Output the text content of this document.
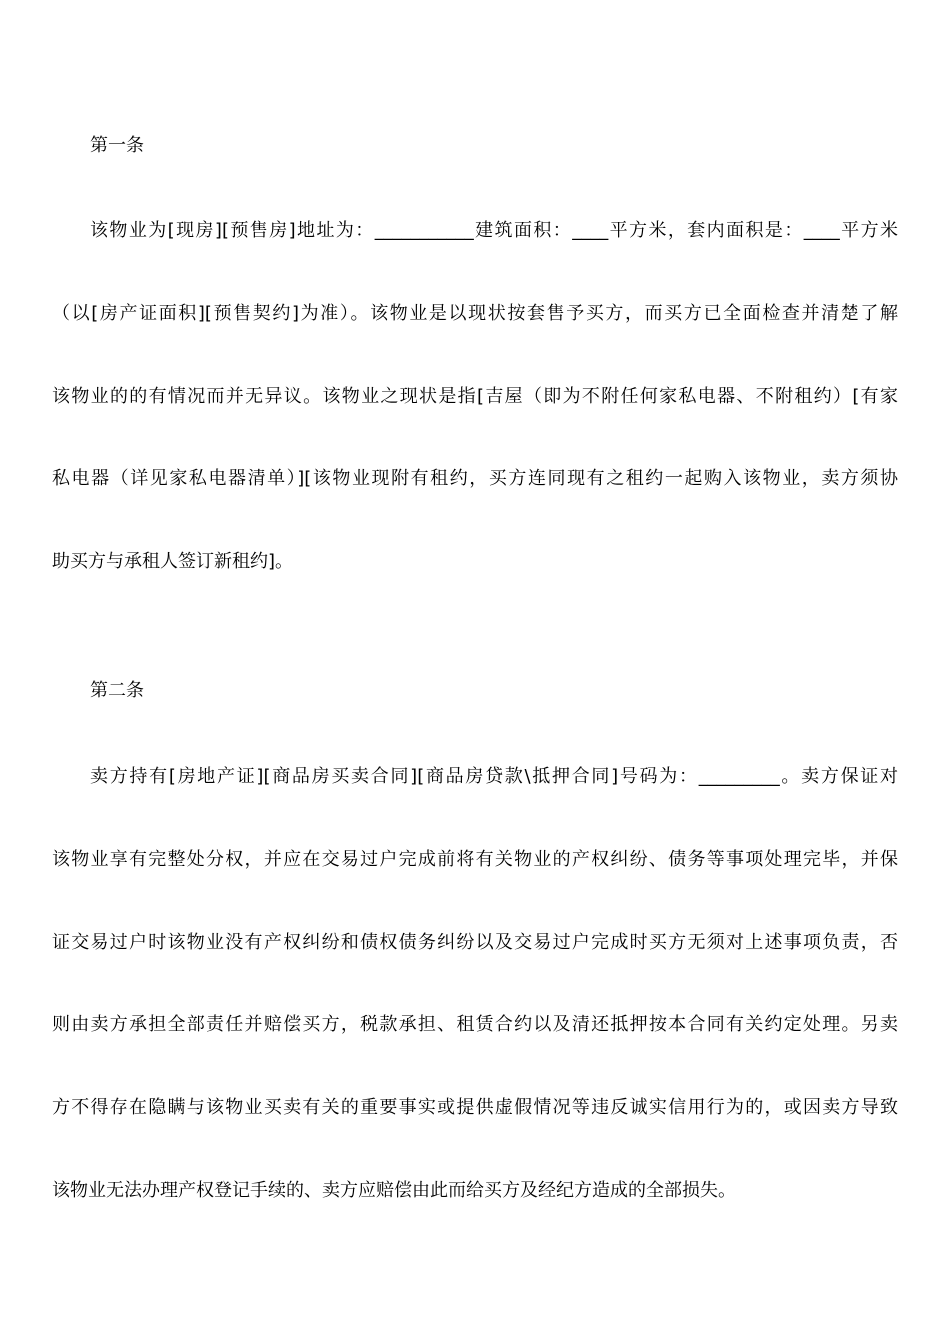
第一条
该物业为[现房][预售房]地址为：___________建筑面积：____平方米，套内面积是：____平方米
（以[房产证面积][预售契约]为准）。该物业是以现状按套售予买方，而买方已全面检查并清楚了解
该物业的的有情况而并无异议。该物业之现状是指[吉屋（即为不附任何家私电器、不附租约）[有家
私电器（详见家私电器清单）][该物业现附有租约，买方连同现有之租约一起购入该物业，卖方须协
助买方与承租人签订新租约]。
第二条
卖方持有[房地产证][商品房买卖合同][商品房贷款\抵押合同]号码为：_________。卖方保证对
该物业享有完整处分权，并应在交易过户完成前将有关物业的产权纠纷、债务等事项处理完毕，并保
证交易过户时该物业没有产权纠纷和债权债务纠纷以及交易过户完成时买方无须对上述事项负责，否
则由卖方承担全部责任并赔偿买方，税款承担、租赁合约以及清还抵押按本合同有关约定处理。另卖
方不得存在隐瞒与该物业买卖有关的重要事实或提供虚假情况等违反诚实信用行为的，或因卖方导致
该物业无法办理产权登记手续的、卖方应赔偿由此而给买方及经纪方造成的全部损失。
